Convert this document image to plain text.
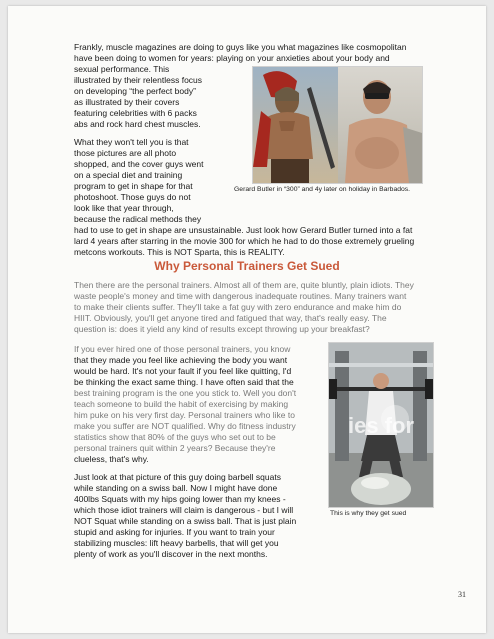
Frankly, muscle magazines are doing to guys like you what magazines like cosmopolitan

have been doing to women for years: playing on your anxieties about your body and

sexual performance. This

illustrated by their relentless focus

on developing “the perfect body”

as illustrated by their covers

featuring celebrities with 6 packs

abs and rock hard chest muscles.

Gerard Butler in “300” and 4y later on holiday in Barbados.

What they won't tell you is that

those pictures are all photo

shopped, and the cover guys went

on a special diet and training

program to get in shape for that

photoshoot. Those guys do not

look like that year through,

because the radical methods they

had to use to get in shape are unsustainable. Just look how Gerard Butler turned into a fat

lard 4 years after starring in the movie 300 for which he had to do those extremely grueling

metcons workouts. This is NOT Sparta, this is REALITY.

Why Personal Trainers Get Sued

Then there are the personal trainers. Almost all of them are, quite bluntly, plain idiots. They

waste people's money and time with dangerous inadequate routines. Many trainers want

to make their clients suffer. They'll take a fat guy with zero endurance and make him do

HIIT. Obviously, you'll get anyone tired and fatigued that way, that's really easy. The

question is: does it yield any kind of results except throwing up your breakfast?

If you ever hired one of those personal trainers, you know

that they made you feel like achieving the body you want

would be hard. It's not your fault if you feel like quitting, I'd

be thinking the exact same thing. I have often said that the

best training program is the one you stick to. Well you don't

teach someone to build the habit of exercising by making

him puke on his very first day. Personal trainers who like to

make you suffer are NOT qualified. Why do fitness industry

statistics show that 80% of the guys who set out to be

personal trainers quit within 2 years? Because they're

clueless, that's why.

ies for

This is why they get sued

Just look at that picture of this guy doing barbell squats

while standing on a swiss ball. Now I might have done

400lbs Squats with my hips going lower than my knees -

which those idiot trainers will claim is dangerous - but I will

NOT Squat while standing on a swiss ball. That is just plain

stupid and asking for injuries. If you want to train your

stabilizing muscles: lift heavy barbells, that will get you

plenty of work as you'll discover in the next months.

31
